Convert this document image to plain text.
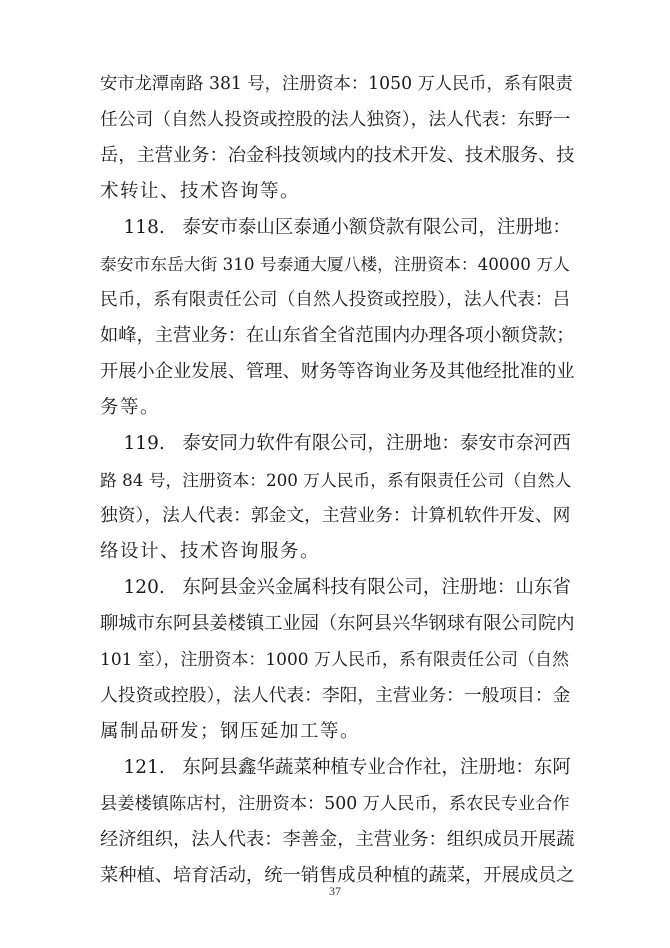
安市龙潭南路 381 号，注册资本：1050 万人民币，系有限责
任公司（自然人投资或控股的法人独资），法人代表：东野一
岳，主营业务：冶金科技领域内的技术开发、技术服务、技
术转让、技术咨询等。
118.   泰安市泰山区泰通小额贷款有限公司，注册地：
泰安市东岳大街 310 号泰通大厦八楼，注册资本：40000 万人
民币，系有限责任公司（自然人投资或控股），法人代表：吕
如峰，主营业务：在山东省全省范围内办理各项小额贷款；
开展小企业发展、管理、财务等咨询业务及其他经批准的业
务等。
119.   泰安同力软件有限公司，注册地：泰安市奈河西
路 84 号，注册资本：200 万人民币，系有限责任公司（自然人
独资），法人代表：郭金文，主营业务：计算机软件开发、网
络设计、技术咨询服务。
120.   东阿县金兴金属科技有限公司，注册地：山东省
聊城市东阿县姜楼镇工业园（东阿县兴华钢球有限公司院内
101 室），注册资本：1000 万人民币，系有限责任公司（自然
人投资或控股），法人代表：李阳，主营业务：一般项目：金
属制品研发；钢压延加工等。
121.   东阿县鑫华蔬菜种植专业合作社，注册地：东阿
县姜楼镇陈店村，注册资本：500 万人民币，系农民专业合作
经济组织，法人代表：李善金，主营业务：组织成员开展蔬
菜种植、培育活动，统一销售成员种植的蔬菜，开展成员之
37
